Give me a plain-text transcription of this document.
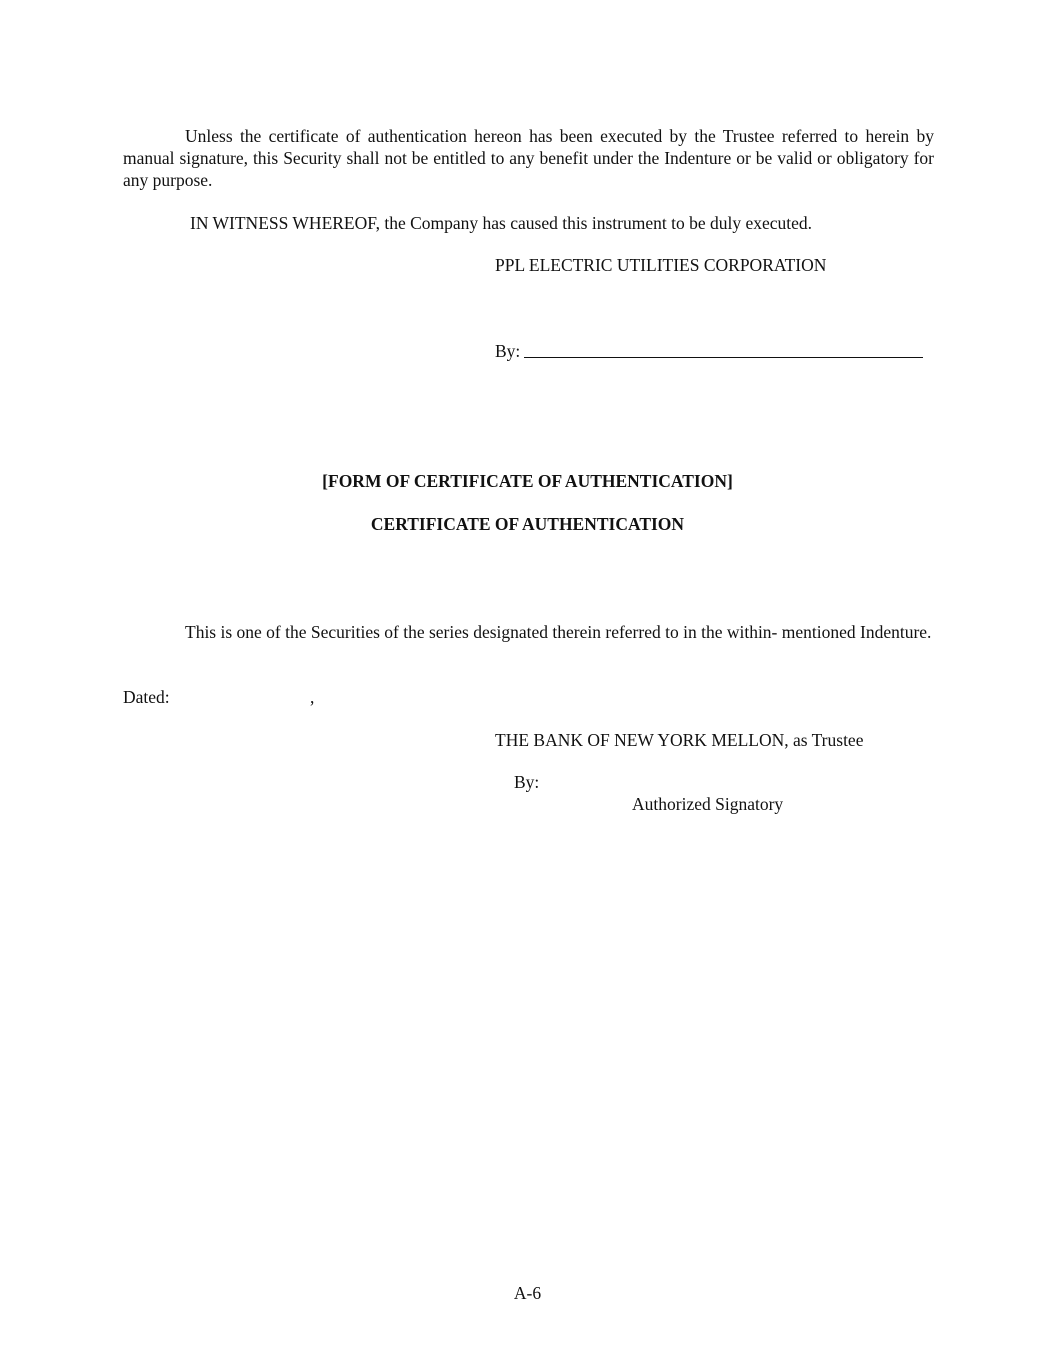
Unless the certificate of authentication hereon has been executed by the Trustee referred to herein by manual signature, this Security shall not be entitled to any benefit under the Indenture or be valid or obligatory for any purpose.
IN WITNESS WHEREOF, the Company has caused this instrument to be duly executed.
PPL ELECTRIC UTILITIES CORPORATION
By:
[FORM OF CERTIFICATE OF AUTHENTICATION]
CERTIFICATE OF AUTHENTICATION
This is one of the Securities of the series designated therein referred to in the within- mentioned Indenture.
Dated:	,
THE BANK OF NEW YORK MELLON, as Trustee
By:
Authorized Signatory
A-6
